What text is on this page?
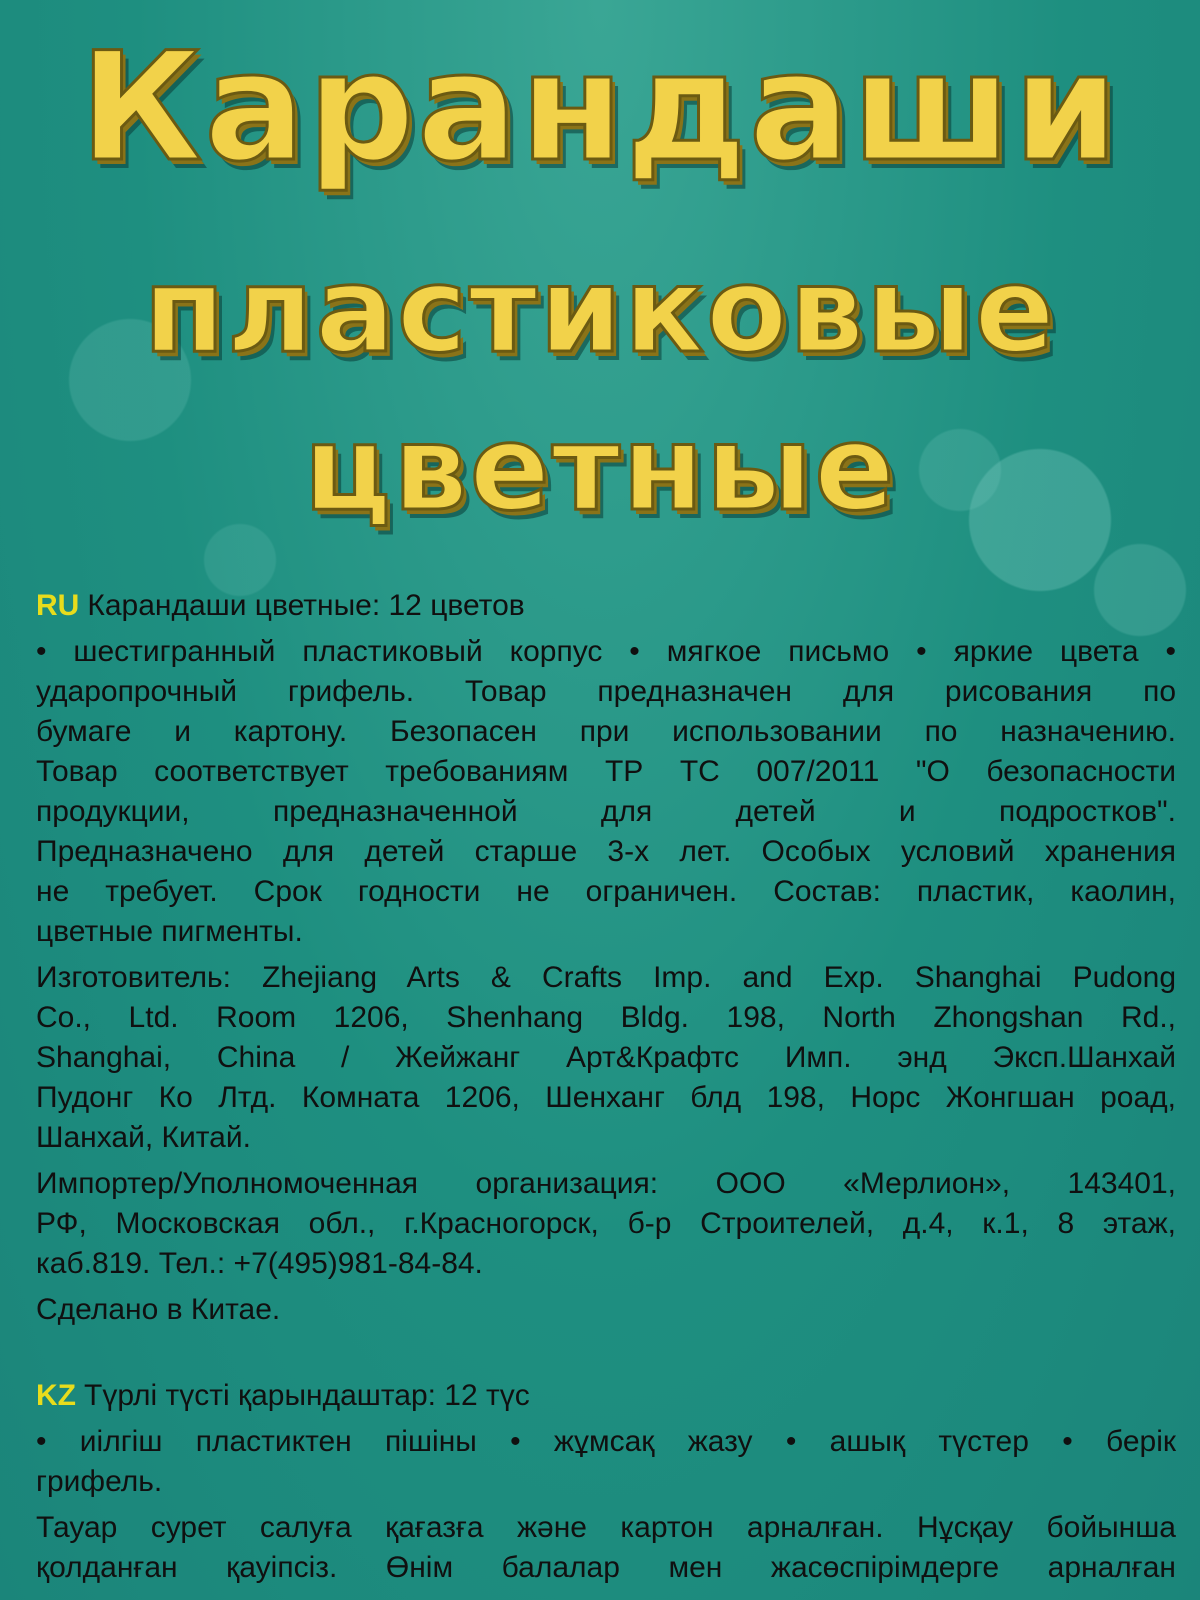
Карандаши
пластиковые
цветные
RU Карандаши цветные: 12 цветов
• шестигранный пластиковый корпус • мягкое письмо • яркие цвета •
ударопрочный грифель. Товар предназначен для рисования по
бумаге и картону. Безопасен при использовании по назначению.
Товар соответствует требованиям ТР ТС 007/2011 "О безопасности
продукции, предназначенной для детей и подростков".
Предназначено для детей старше 3-х лет. Особых условий хранения
не требует. Срок годности не ограничен. Состав: пластик, каолин,
цветные пигменты.
Изготовитель: Zhejiang Arts & Crafts Imp. and Exp. Shanghai Pudong
Co., Ltd. Room 1206, Shenhang Bldg. 198, North Zhongshan Rd.,
Shanghai, China / Жейжанг Арт&Крафтс Имп. энд Эксп.Шанхай
Пудонг Ко Лтд. Комната 1206, Шенханг блд 198, Норс Жонгшан роад,
Шанхай, Китай.
Импортер/Уполномоченная организация: ООО «Мерлион», 143401,
РФ, Московская обл., г.Красногорск, б-р Строителей, д.4, к.1, 8 этаж,
каб.819. Тел.: +7(495)981-84-84.
Сделано в Китае.
KZ Түрлі түсті қарындаштар: 12 түс
• иілгіш пластиктен пішіны • жұмсақ жазу • ашық түстер • берік
грифель.
Тауар сурет салуға қағазға және картон арналған. Нұсқау бойынша
қолданған қауіпсіз. Өнім балалар мен жасөспірімдерге арналған
